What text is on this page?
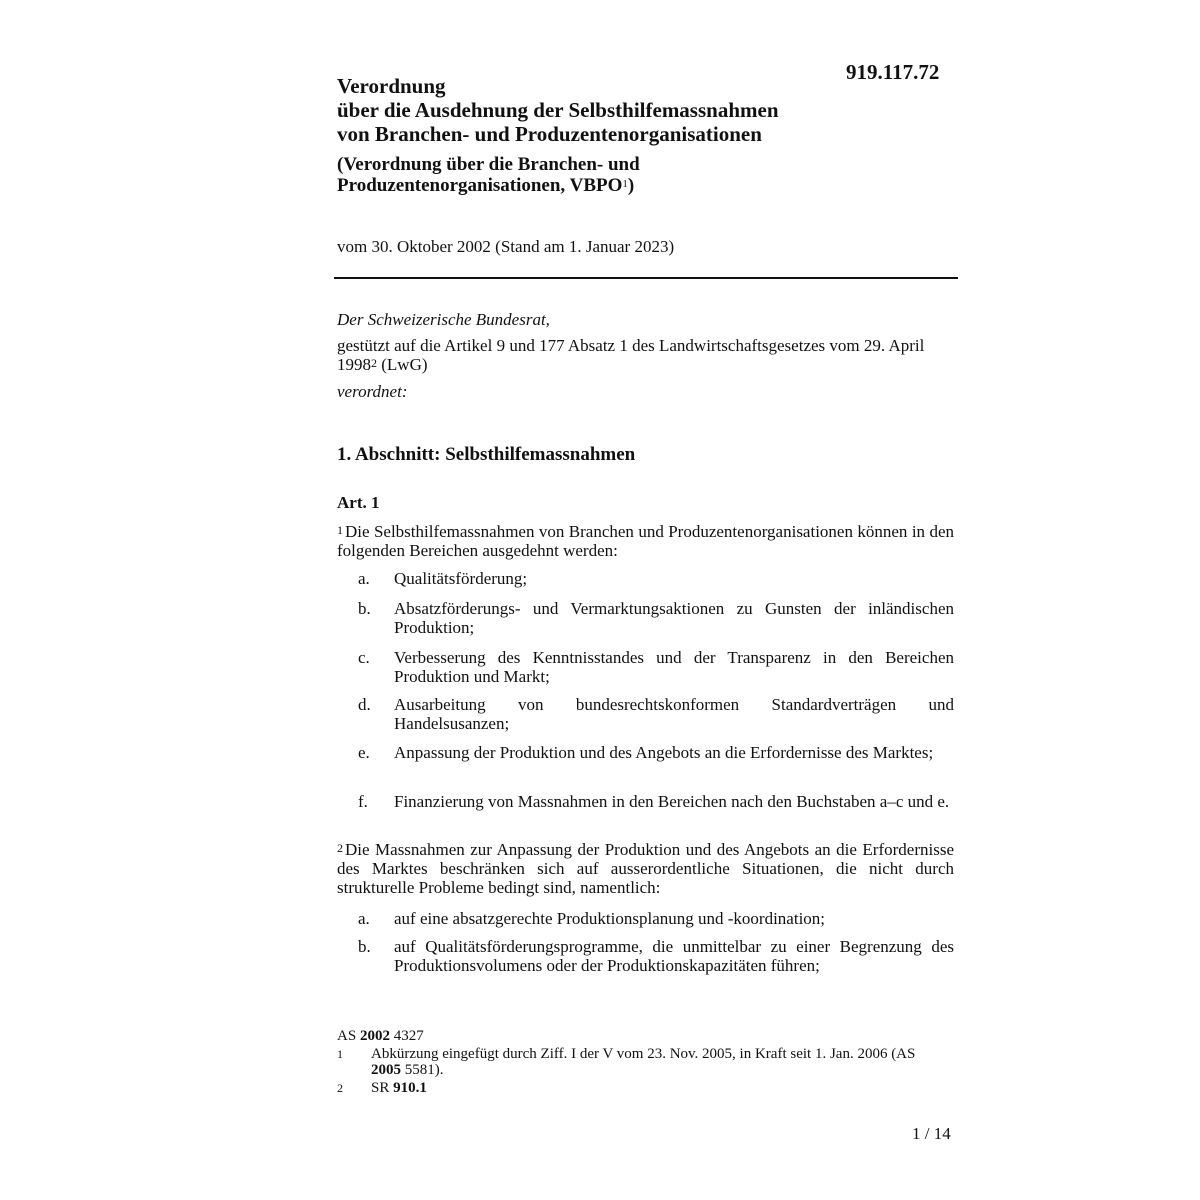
919.117.72
Verordnung
über die Ausdehnung der Selbsthilfemassnahmen
von Branchen- und Produzentenorganisationen
(Verordnung über die Branchen- und
Produzentenorganisationen, VBPO$^1$)
vom 30. Oktober 2002 (Stand am 1. Januar 2023)
Der Schweizerische Bundesrat,
gestützt auf die Artikel 9 und 177 Absatz 1 des Landwirtschaftsgesetzes vom 29. April 1998$^2$ (LwG)
verordnet:
1. Abschnitt: Selbsthilfemassnahmen
Art. 1
$^1$ Die Selbsthilfemassnahmen von Branchen und Produzentenorganisationen können in den folgenden Bereichen ausgedehnt werden:
a.	Qualitätsförderung;
b.	Absatzförderungs- und Vermarktungsaktionen zu Gunsten der inländischen Produktion;
c.	Verbesserung des Kenntnisstandes und der Transparenz in den Bereichen Produktion und Markt;
d.	Ausarbeitung von bundesrechtskonformen Standardverträgen und Handelsusanzen;
e.	Anpassung der Produktion und des Angebots an die Erfordernisse des Marktes;
f.	Finanzierung von Massnahmen in den Bereichen nach den Buchstaben a–c und e.
$^2$ Die Massnahmen zur Anpassung der Produktion und des Angebots an die Erfordernisse des Marktes beschränken sich auf ausserordentliche Situationen, die nicht durch strukturelle Probleme bedingt sind, namentlich:
a.	auf eine absatzgerechte Produktionsplanung und -koordination;
b.	auf Qualitätsförderungsprogramme, die unmittelbar zu einer Begrenzung des Produktionsvolumens oder der Produktionskapazitäten führen;
AS 2002 4327
1	Abkürzung eingefügt durch Ziff. I der V vom 23. Nov. 2005, in Kraft seit 1. Jan. 2006 (AS 2005 5581).
2	SR 910.1
1 / 14
